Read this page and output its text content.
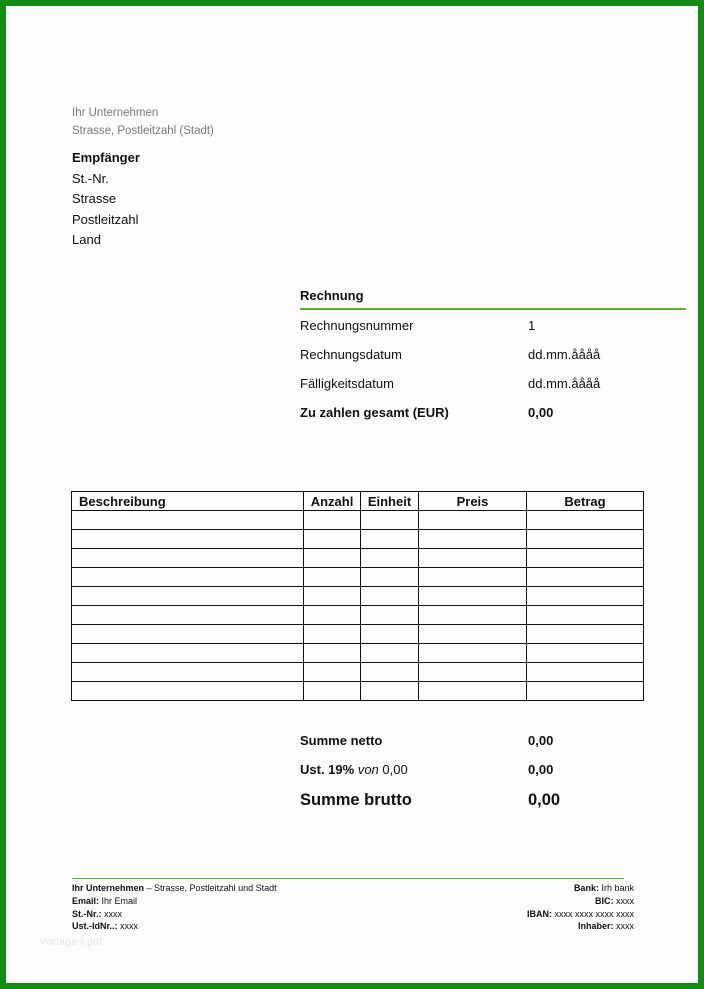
Ihr Unternehmen
Strasse, Postleitzahl (Stadt)
Empfänger
St.-Nr.
Strasse
Postleitzahl
Land
Rechnung
Rechnungsnummer	1
Rechnungsdatum	dd.mm.åååå
Fälligkeitsdatum	dd.mm.åååå
Zu zahlen gesamt (EUR)	0,00
Beschreibung	Anzahl	Einheit	Preis	Betrag

Summe netto	0,00
Ust. 19% von 0,00	0,00
Summe brutto	0,00
Ihr Unternehmen – Strasse, Postleitzahl und Stadt
Email: Ihr Email
St.-Nr.: xxxx
Ust.-IdNr..: xxxx
Bank: Irh bank
BIC: xxxx
IBAN: xxxx xxxx xxxx xxxx
Inhaber: xxxx
Vorlage | pdf
